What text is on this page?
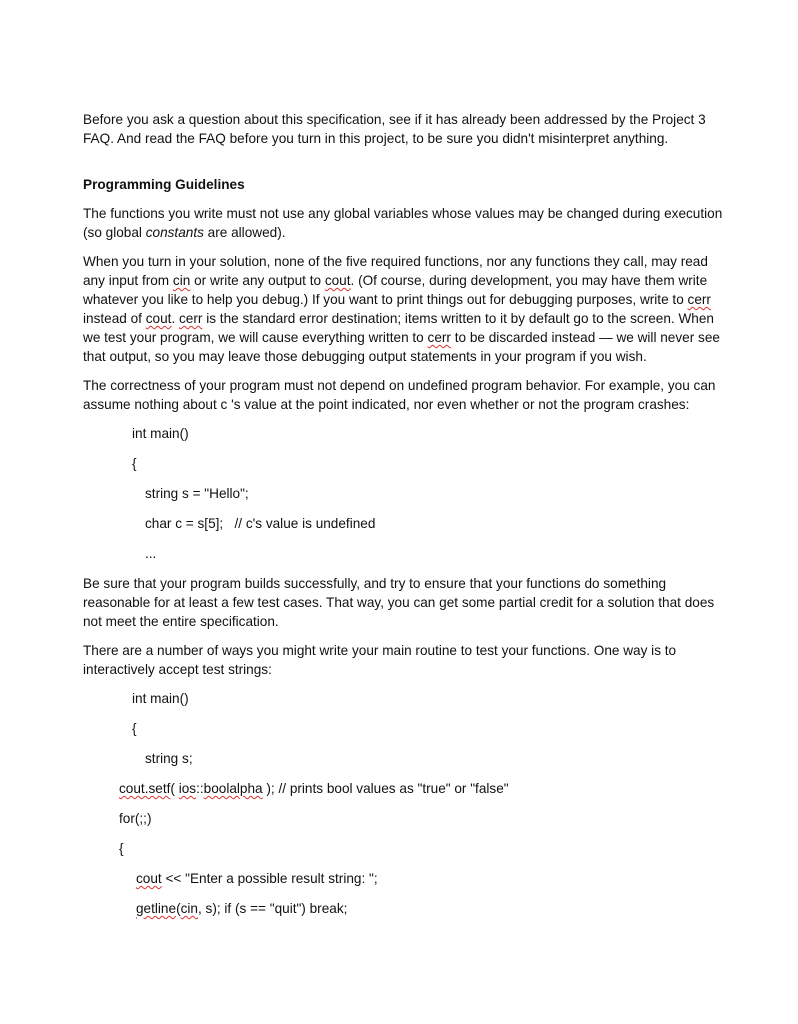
Before you ask a question about this specification, see if it has already been addressed by the Project 3 FAQ. And read the FAQ before you turn in this project, to be sure you didn't misinterpret anything.

Programming Guidelines

The functions you write must not use any global variables whose values may be changed during execution (so global constants are allowed).

When you turn in your solution, none of the five required functions, nor any functions they call, may read any input from cin or write any output to cout. (Of course, during development, you may have them write whatever you like to help you debug.) If you want to print things out for debugging purposes, write to cerr instead of cout. cerr is the standard error destination; items written to it by default go to the screen. When we test your program, we will cause everything written to cerr to be discarded instead — we will never see that output, so you may leave those debugging output statements in your program if you wish.

The correctness of your program must not depend on undefined program behavior. For example, you can assume nothing about c 's value at the point indicated, nor even whether or not the program crashes:

int main()
{
string s = "Hello";
char c = s[5];   // c's value is undefined
...

Be sure that your program builds successfully, and try to ensure that your functions do something reasonable for at least a few test cases. That way, you can get some partial credit for a solution that does not meet the entire specification.

There are a number of ways you might write your main routine to test your functions. One way is to interactively accept test strings:

int main()
{
string s;
cout.setf( ios::boolalpha ); // prints bool values as "true" or "false"
for(;;)
{
cout << "Enter a possible result string: ";
getline(cin, s); if (s == "quit") break;
